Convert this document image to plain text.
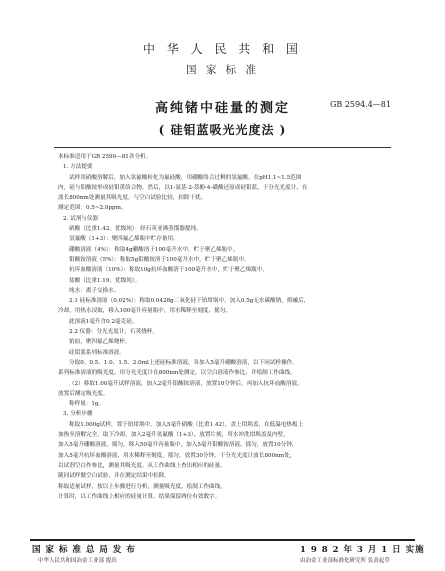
中 华 人 民 共 和 国
国 家 标 准
GB 2594.4—81
高纯锗中硅量的测定
( 硅钼蓝吸光光度法 )

本标准适用于GB 2590—81各分析。

1. 方法提要

试样用硝酸溶解后，加入氢氟酸转化为氟硅酸，用硼酸络合过剩的氢氟酸，在pH1.1~1.5范围

内，硅与钼酸铵形成硅钼黄络合物。然后，以1-氨基-2-萘酚-4-磺酸还原成硅钼蓝，于分光光度计，在

波长800nm处测量其吸光度。与空白试验比较，扣除干扰。

测定范围：0.5~2.0ppm。

2. 试剂与仪器

硝酸（比重1.42，优级纯）：经石英亚沸蒸馏器提纯。

氢氟酸（1+3）：聚四氟乙烯瓶中贮存备用。

硼酸溶液（4%）：称取4g硼酸溶于100毫升水中，贮于聚乙烯瓶中。

钼酸铵溶液（5%）：称取5g钼酸铵溶于100毫升水中，贮于聚乙烯瓶中。

抗坏血酸溶液（10%）：称取10g抗坏血酸溶于100毫升水中，贮于聚乙烯瓶中。

盐酸（比重1.19，优级纯）。

纯水：离子交换水。

2.1 硅标准溶液（0.02%）：称取0.0428g二氧化硅于铂坩埚中，加入0.5g无水碳酸钠，熔融后，

冷却，用热水浸取，移入100毫升容量瓶中，用水稀释至刻度，摇匀。

此溶液1毫升含0.2毫克硅。

2.2 仪器：分光光度计，石英烧杯，

铂皿，聚四氟乙烯烧杯。

硅钼蓝系列标准溶液。

分取0、0.5、1.0、1.5、2.0ml上述硅标准溶液，各加入5毫升硼酸溶液，以下同试样操作。

系列标准溶液的吸光度，用分光光度计在800nm处测定，以空白溶液作参比，并绘制工作曲线。

（2）移取1.00毫升试样溶液，加入2毫升钼酸铵溶液，放置10分钟后，再加入抗坏血酸溶液，

放置后测定吸光度。

称样量：1g。

3. 分析步骤

称取1.000g试样，置于铂坩埚中，加入5毫升硝酸（比重1.42），盖上坩埚盖，在低温电热板上

加热至溶解完全，取下冷却，加入2毫升氢氟酸（1+3），放置片刻，用水冲洗坩埚盖及内壁，

加入5毫升硼酸溶液，摇匀，移入50毫升容量瓶中，加入5毫升钼酸铵溶液，摇匀，放置10分钟，

加入5毫升抗坏血酸溶液，用水稀释至刻度，摇匀，放置30分钟，于分光光度计波长800nm处，

以试剂空白作参比，测量其吸光度。从工作曲线上查出相应的硅量。

随同试样做空白试验，并在测定结果中扣除。

称取适量试样，按以上步骤进行分析，测量吸光度，绘制工作曲线，

计算时，以工作曲线上相应的硅量计算，结果保留两位有效数字。

国 家 标 准 总 局 发 布	1 9 8 2 年 3 月 1 日 实施
中华人民共和国冶金工业部 提出	由冶金工业部标准化研究所 负责起草
